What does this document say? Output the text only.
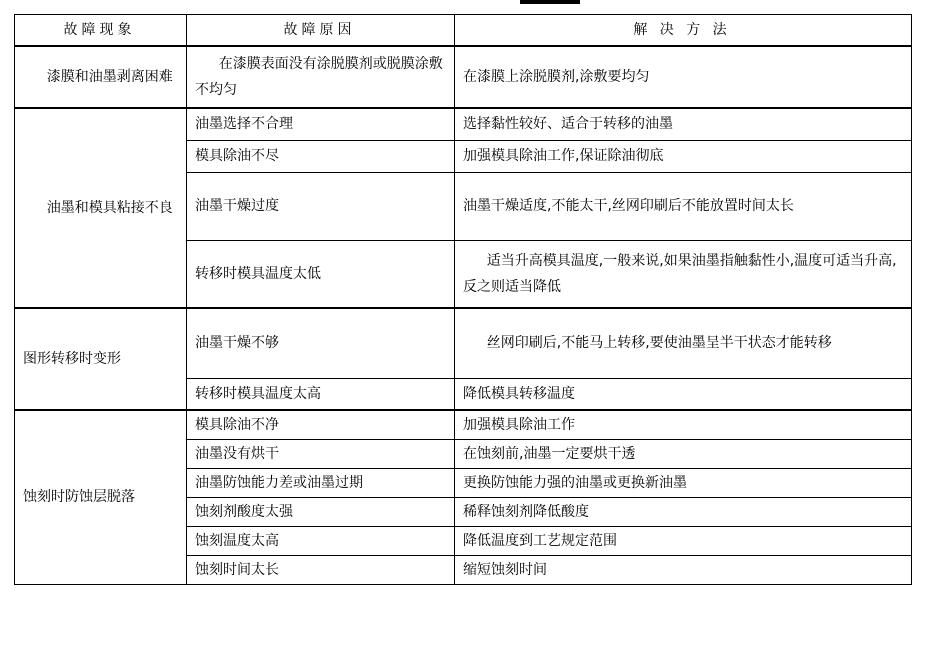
故障现象	故障原因	解 决 方 法
漆膜和油墨剥离困难	在漆膜表面没有涂脱膜剂或脱膜涂敷不均匀	在漆膜上涂脱膜剂,涂敷要均匀
油墨和模具粘接不良	油墨选择不合理	选择黏性较好、适合于转移的油墨
	模具除油不尽	加强模具除油工作,保证除油彻底
	油墨干燥过度	油墨干燥适度,不能太干,丝网印刷后不能放置时间太长
	转移时模具温度太低	适当升高模具温度,一般来说,如果油墨指触黏性小,温度可适当升高,反之则适当降低
图形转移时变形	油墨干燥不够	丝网印刷后,不能马上转移,要使油墨呈半干状态才能转移
	转移时模具温度太高	降低模具转移温度
蚀刻时防蚀层脱落	模具除油不净	加强模具除油工作
	油墨没有烘干	在蚀刻前,油墨一定要烘干透
	油墨防蚀能力差或油墨过期	更换防蚀能力强的油墨或更换新油墨
	蚀刻剂酸度太强	稀释蚀刻剂降低酸度
	蚀刻温度太高	降低温度到工艺规定范围
	蚀刻时间太长	缩短蚀刻时间
